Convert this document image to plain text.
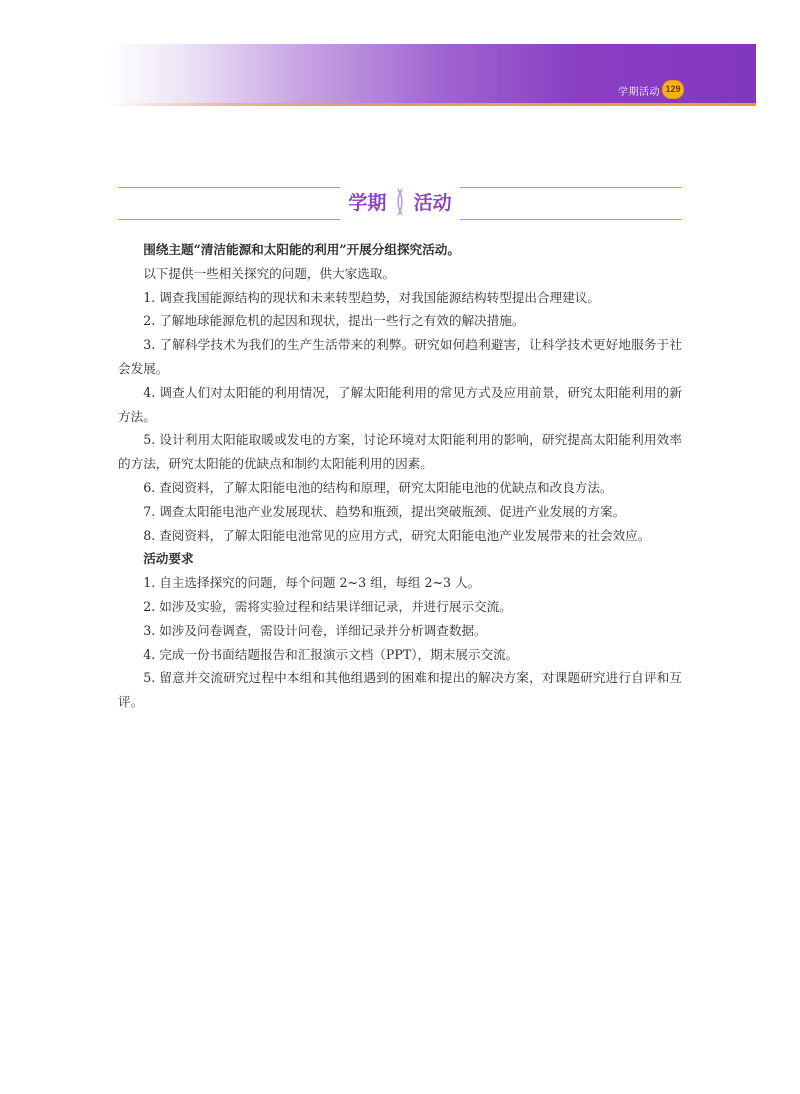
学期活动 129
学期 活动

围绕主题“清洁能源和太阳能的利用”开展分组探究活动。

以下提供一些相关探究的问题，供大家选取。

1. 调查我国能源结构的现状和未来转型趋势，对我国能源结构转型提出合理建议。

2. 了解地球能源危机的起因和现状，提出一些行之有效的解决措施。

3. 了解科学技术为我们的生产生活带来的利弊。研究如何趋利避害，让科学技术更好地服务于社会发展。

4. 调查人们对太阳能的利用情况，了解太阳能利用的常见方式及应用前景，研究太阳能利用的新方法。

5. 设计利用太阳能取暖或发电的方案，讨论环境对太阳能利用的影响，研究提高太阳能利用效率的方法，研究太阳能的优缺点和制约太阳能利用的因素。

6. 查阅资料，了解太阳能电池的结构和原理，研究太阳能电池的优缺点和改良方法。

7. 调查太阳能电池产业发展现状、趋势和瓶颈，提出突破瓶颈、促进产业发展的方案。

8. 查阅资料，了解太阳能电池常见的应用方式，研究太阳能电池产业发展带来的社会效应。

活动要求

1. 自主选择探究的问题，每个问题 2~3 组，每组 2~3 人。

2. 如涉及实验，需将实验过程和结果详细记录，并进行展示交流。

3. 如涉及问卷调查，需设计问卷，详细记录并分析调查数据。

4. 完成一份书面结题报告和汇报演示文档（PPT），期末展示交流。

5. 留意并交流研究过程中本组和其他组遇到的困难和提出的解决方案，对课题研究进行自评和互评。
